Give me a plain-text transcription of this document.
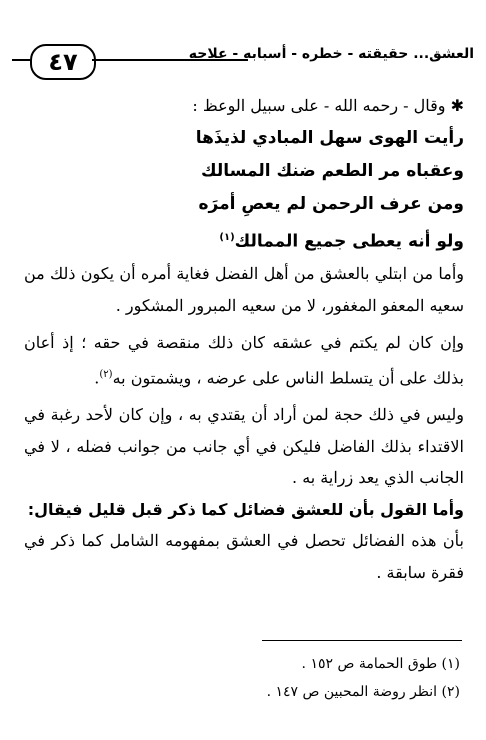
٤٧	العشق... حقيقته - خطره - أسبابه - علاجه

✱ وقال - رحمه الله - على سبيل الوعظ :

رأيت الهوى سهل المبادي لذيذَها

وعقباه مر الطعم ضنك المسالك

ومن عرف الرحمن لم يعصِ أمرَه

ولو أنه يعطى جميع الممالك$^{(١)}$

وأما من ابتلي بالعشق من أهل الفضل فغاية أمره أن يكون ذلك من سعيه المعفو المغفور، لا من سعيه المبرور المشكور .

وإن كان لم يكتم في عشقه كان ذلك منقصة في حقه ؛ إذ أعان بذلك على أن يتسلط الناس على عرضه ، ويشمتون به$^{(٢)}$.

وليس في ذلك حجة لمن أراد أن يقتدي به ، وإن كان لأحد رغبة في الاقتداء بذلك الفاضل فليكن في أي جانب من جوانب فضله ، لا في الجانب الذي يعد زراية به .

وأما القول بأن للعشق فضائل كما ذكر قبل قليل فيقال:

بأن هذه الفضائل تحصل في العشق بمفهومه الشامل كما ذكر في فقرة سابقة .

(١) طوق الحمامة ص ١٥٢ .

(٢) انظر روضة المحبين ص ١٤٧ .
